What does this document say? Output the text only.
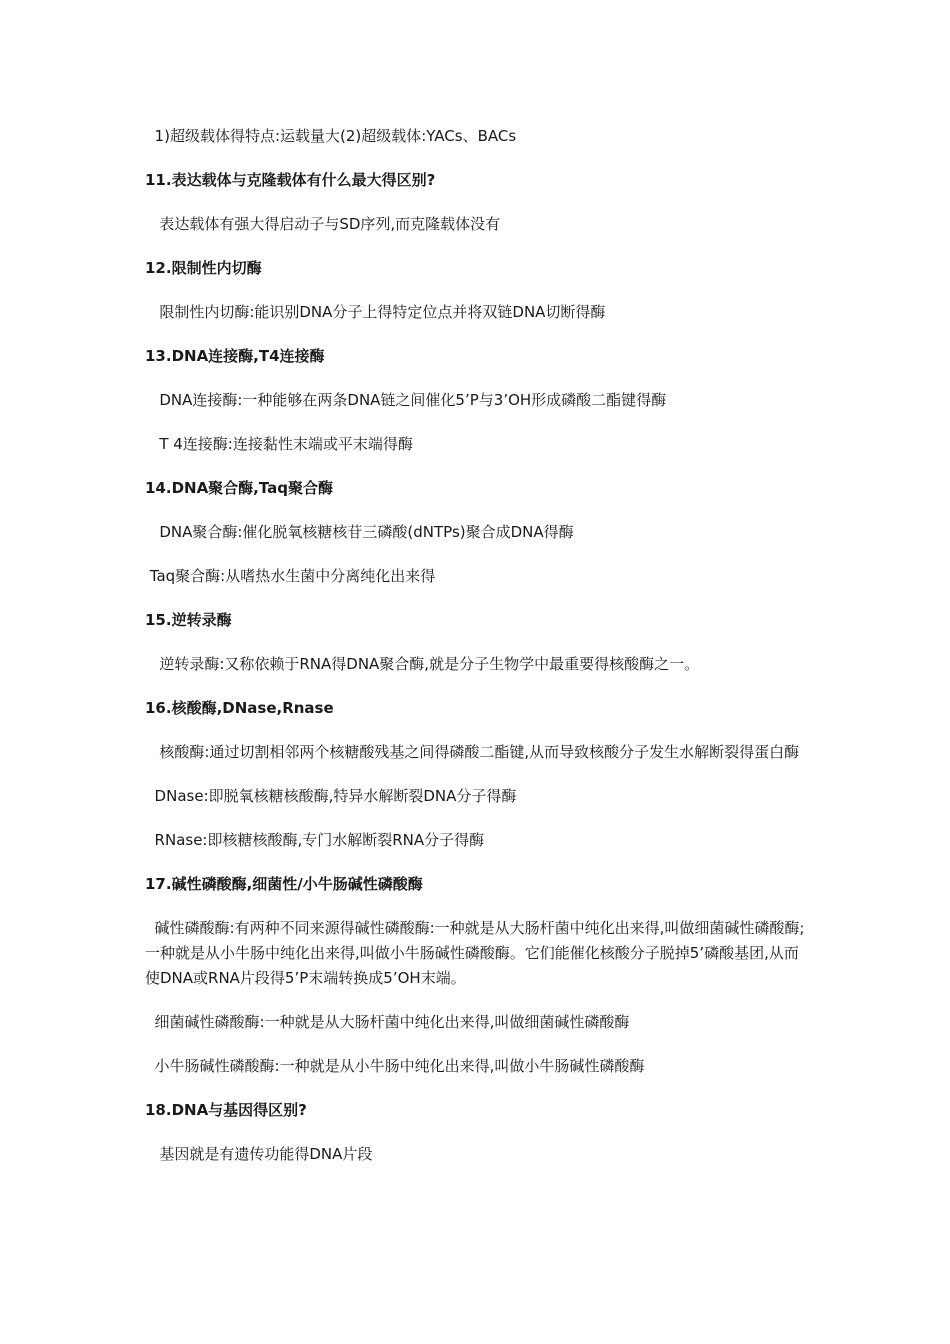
1)超级载体得特点:运载量大(2)超级载体:YACs、BACs
11.表达载体与克隆载体有什么最大得区别?
表达载体有强大得启动子与SD序列,而克隆载体没有
12.限制性内切酶
限制性内切酶:能识别DNA分子上得特定位点并将双链DNA切断得酶
13.DNA连接酶,T4连接酶
DNA连接酶:一种能够在两条DNA链之间催化5’P与3’OH形成磷酸二酯键得酶
T 4连接酶:连接黏性末端或平末端得酶
14.DNA聚合酶,Taq聚合酶
DNA聚合酶:催化脱氧核糖核苷三磷酸(dNTPs)聚合成DNA得酶
Taq聚合酶:从嗜热水生菌中分离纯化出来得
15.逆转录酶
逆转录酶:又称依赖于RNA得DNA聚合酶,就是分子生物学中最重要得核酸酶之一。
16.核酸酶,DNase,Rnase
核酸酶:通过切割相邻两个核糖酸残基之间得磷酸二酯键,从而导致核酸分子发生水解断裂得蛋白酶
DNase:即脱氧核糖核酸酶,特异水解断裂DNA分子得酶
RNase:即核糖核酸酶,专门水解断裂RNA分子得酶
17.碱性磷酸酶,细菌性/小牛肠碱性磷酸酶
碱性磷酸酶:有两种不同来源得碱性磷酸酶:一种就是从大肠杆菌中纯化出来得,叫做细菌碱性磷酸酶;一种就是从小牛肠中纯化出来得,叫做小牛肠碱性磷酸酶。它们能催化核酸分子脱掉5’磷酸基团,从而使DNA或RNA片段得5’P末端转换成5’OH末端。
细菌碱性磷酸酶:一种就是从大肠杆菌中纯化出来得,叫做细菌碱性磷酸酶
小牛肠碱性磷酸酶:一种就是从小牛肠中纯化出来得,叫做小牛肠碱性磷酸酶
18.DNA与基因得区别?
基因就是有遗传功能得DNA片段
